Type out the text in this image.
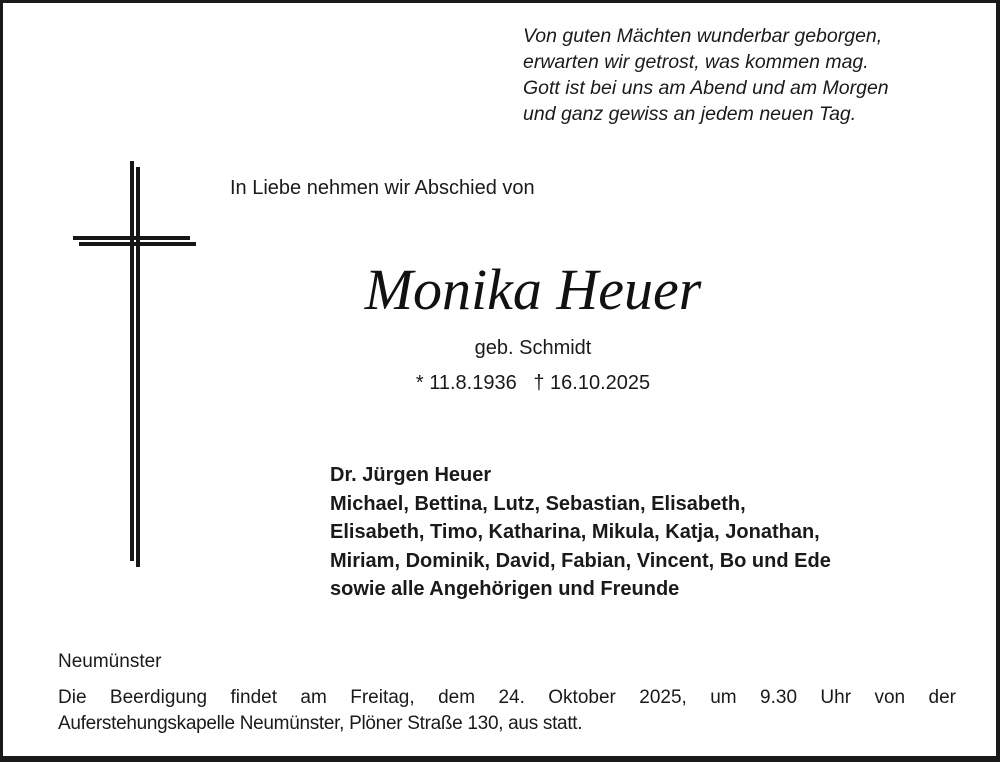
Von guten Mächten wunderbar geborgen,
erwarten wir getrost, was kommen mag.
Gott ist bei uns am Abend und am Morgen
und ganz gewiss an jedem neuen Tag.
In Liebe nehmen wir Abschied von
Monika Heuer
geb. Schmidt
* 11.8.1936   † 16.10.2025
Dr. Jürgen Heuer
Michael, Bettina, Lutz, Sebastian, Elisabeth,
Elisabeth, Timo, Katharina, Mikula, Katja, Jonathan,
Miriam, Dominik, David, Fabian, Vincent, Bo und Ede
sowie alle Angehörigen und Freunde
Neumünster
Die Beerdigung findet am Freitag, dem 24. Oktober 2025, um 9.30 Uhr von der
Auferstehungskapelle Neumünster, Plöner Straße 130, aus statt.
